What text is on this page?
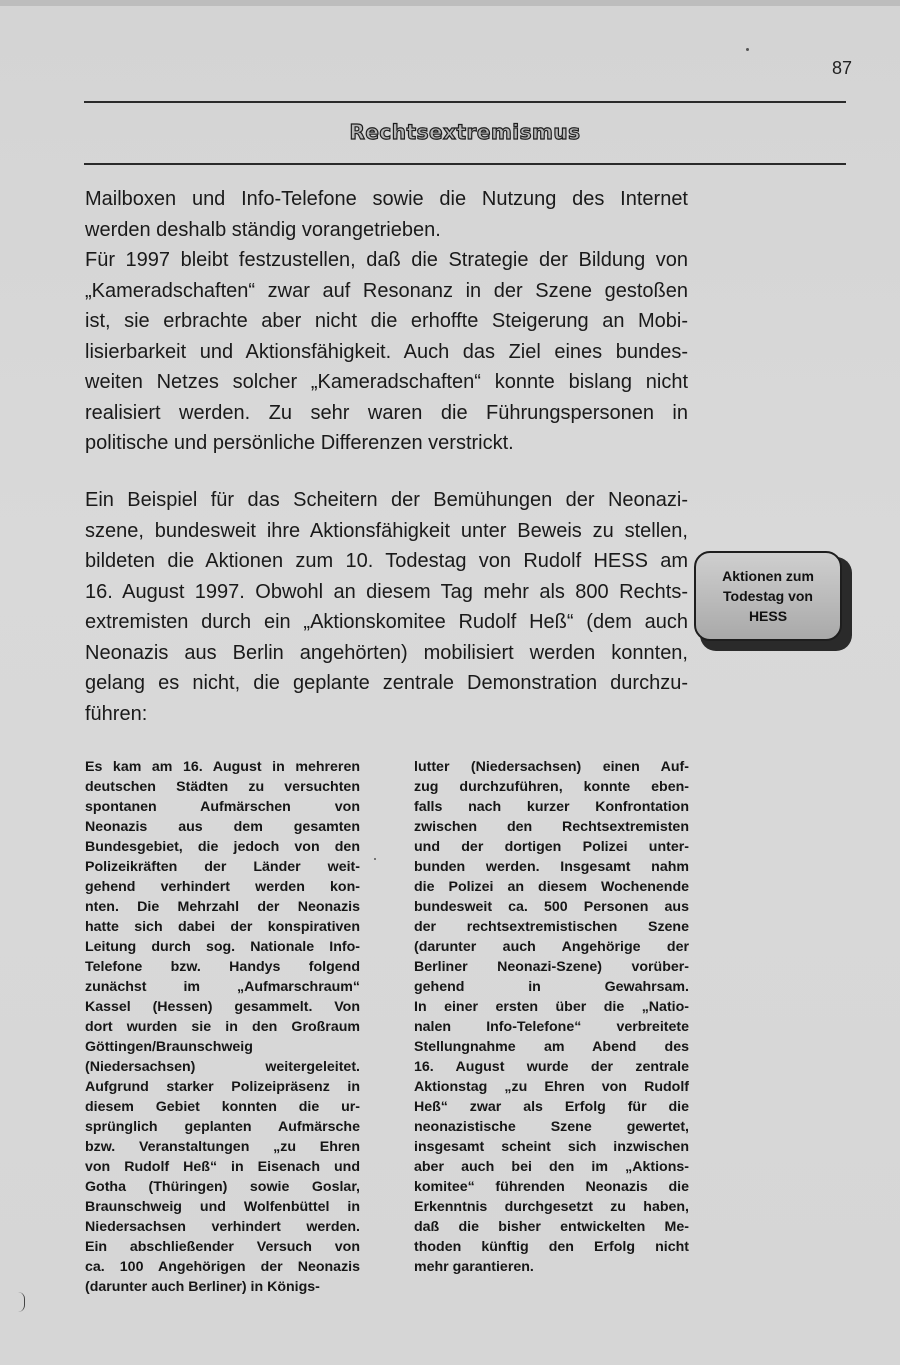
87
Rechtsextremismus
Mailboxen und Info-Telefone sowie die Nutzung des Internet
werden deshalb ständig vorangetrieben.
Für 1997 bleibt festzustellen, daß die Strategie der Bildung von
„Kameradschaften“ zwar auf Resonanz in der Szene gestoßen
ist, sie erbrachte aber nicht die erhoffte Steigerung an Mobi-
lisierbarkeit und Aktionsfähigkeit. Auch das Ziel eines bundes-
weiten Netzes solcher „Kameradschaften“ konnte bislang nicht
realisiert werden. Zu sehr waren die Führungspersonen in
politische und persönliche Differenzen verstrickt.
Ein Beispiel für das Scheitern der Bemühungen der Neonazi-
szene, bundesweit ihre Aktionsfähigkeit unter Beweis zu stellen,
bildeten die Aktionen zum 10. Todestag von Rudolf HESS am
16. August 1997. Obwohl an diesem Tag mehr als 800 Rechts-
extremisten durch ein „Aktionskomitee Rudolf Heß“ (dem auch
Neonazis aus Berlin angehörten) mobilisiert werden konnten,
gelang es nicht, die geplante zentrale Demonstration durchzu-
führen:
Aktionen zum
Todestag von
HESS
Es kam am 16. August in mehreren
deutschen Städten zu versuchten
spontanen Aufmärschen von
Neonazis aus dem gesamten
Bundesgebiet, die jedoch von den
Polizeikräften der Länder weit-
gehend verhindert werden kon-
nten. Die Mehrzahl der Neonazis
hatte sich dabei der konspirativen
Leitung durch sog. Nationale Info-
Telefone bzw. Handys folgend
zunächst im „Aufmarschraum“
Kassel (Hessen) gesammelt. Von
dort wurden sie in den Großraum
Göttingen/Braunschweig
(Niedersachsen) weitergeleitet.
Aufgrund starker Polizeipräsenz in
diesem Gebiet konnten die ur-
sprünglich geplanten Aufmärsche
bzw. Veranstaltungen „zu Ehren
von Rudolf Heß“ in Eisenach und
Gotha (Thüringen) sowie Goslar,
Braunschweig und Wolfenbüttel in
Niedersachsen verhindert werden.
Ein abschließender Versuch von
ca. 100 Angehörigen der Neonazis
(darunter auch Berliner) in Königs-
lutter (Niedersachsen) einen Auf-
zug durchzuführen, konnte eben-
falls nach kurzer Konfrontation
zwischen den Rechtsextremisten
und der dortigen Polizei unter-
bunden werden. Insgesamt nahm
die Polizei an diesem Wochenende
bundesweit ca. 500 Personen aus
der rechtsextremistischen Szene
(darunter auch Angehörige der
Berliner Neonazi-Szene) vorüber-
gehend in Gewahrsam.
In einer ersten über die „Natio-
nalen Info-Telefone“ verbreitete
Stellungnahme am Abend des
16. August wurde der zentrale
Aktionstag „zu Ehren von Rudolf
Heß“ zwar als Erfolg für die
neonazistische Szene gewertet,
insgesamt scheint sich inzwischen
aber auch bei den im „Aktions-
komitee“ führenden Neonazis die
Erkenntnis durchgesetzt zu haben,
daß die bisher entwickelten Me-
thoden künftig den Erfolg nicht
mehr garantieren.
